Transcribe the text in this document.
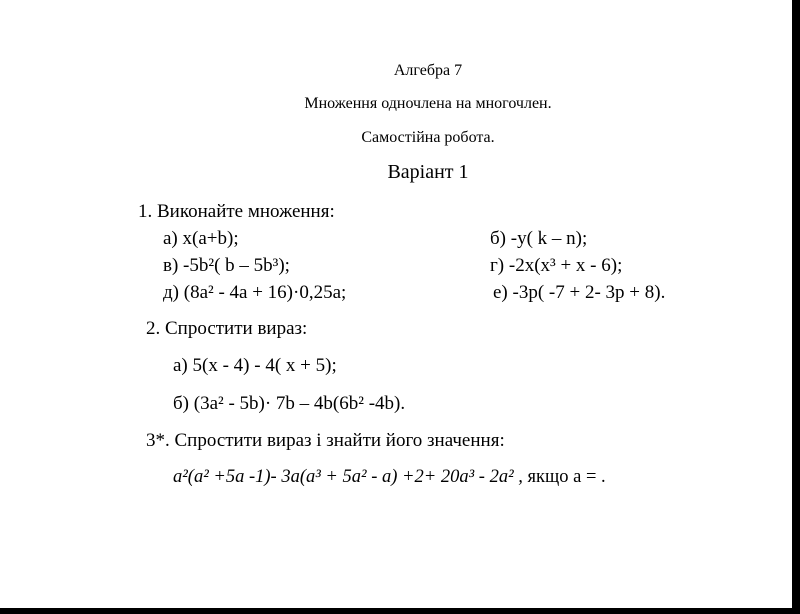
Алгебра 7
Множення одночлена на многочлен.
Самостійна робота.
Варіант 1
1. Виконайте множення:
а) x(a+b);	б) -y( k – n);
в) -5b²( b – 5b³);	г) -2x(x³ + x - 6);
д) (8a² - 4a + 16)·0,25a;	е) -3р( -7 + 2- 3р + 8).
2. Спростити вираз:
а) 5(x - 4) - 4( x + 5);
б) (3a² - 5b)· 7b – 4b(6b² -4b).
3*. Спростити вираз і знайти його значення:
a²(a² +5a -1)- 3a(a³ + 5a² - a) +2+ 20a³ - 2a² , якщо a = .
